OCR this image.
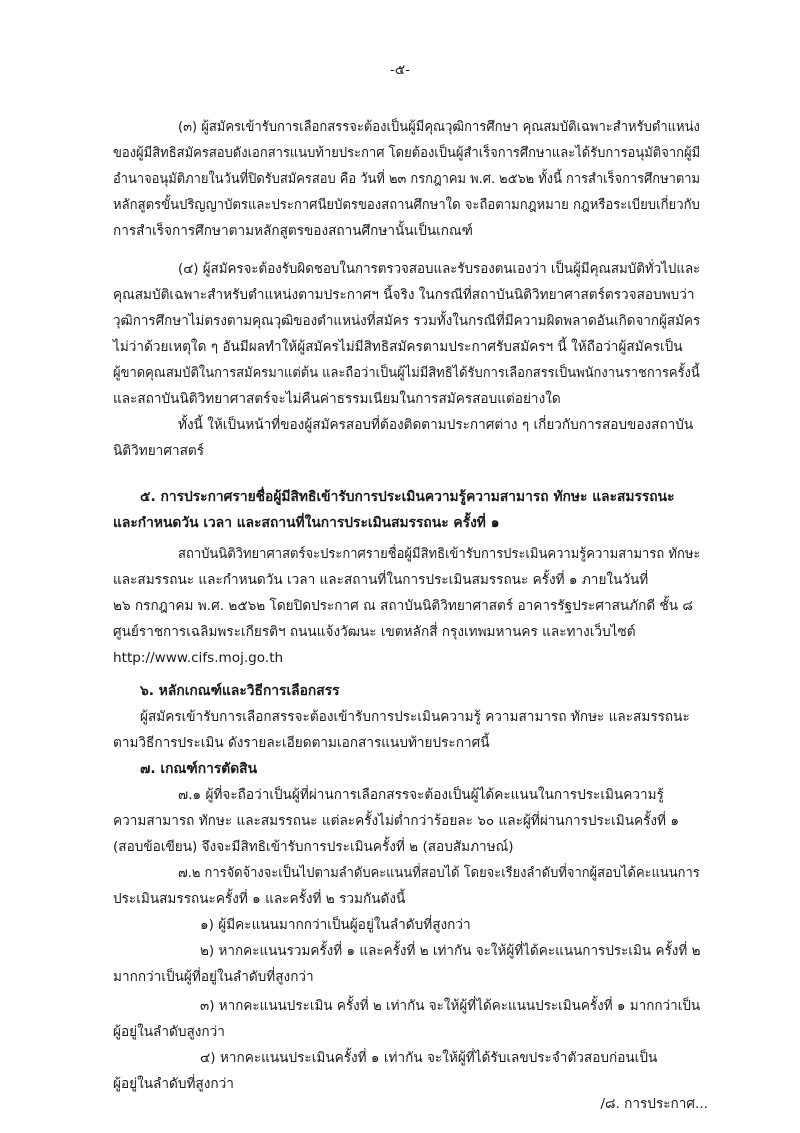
-๕-
(๓) ผู้สมัครเข้ารับการเลือกสรรจะต้องเป็นผู้มีคุณวุฒิการศึกษา คุณสมบัติเฉพาะสำหรับตำแหน่ง
ของผู้มีสิทธิสมัครสอบดังเอกสารแนบท้ายประกาศ โดยต้องเป็นผู้สำเร็จการศึกษาและได้รับการอนุมัติจากผู้มี
อำนาจอนุมัติภายในวันที่ปิดรับสมัครสอบ คือ วันที่ ๒๓ กรกฎาคม พ.ศ. ๒๕๖๒ ทั้งนี้ การสำเร็จการศึกษาตาม
หลักสูตรขั้นปริญญาบัตรและประกาศนียบัตรของสถานศึกษาใด จะถือตามกฎหมาย กฎหรือระเบียบเกี่ยวกับ
การสำเร็จการศึกษาตามหลักสูตรของสถานศึกษานั้นเป็นเกณฑ์
(๔) ผู้สมัครจะต้องรับผิดชอบในการตรวจสอบและรับรองตนเองว่า เป็นผู้มีคุณสมบัติทั่วไปและ
คุณสมบัติเฉพาะสำหรับตำแหน่งตามประกาศฯ นี้จริง ในกรณีที่สถาบันนิติวิทยาศาสตร์ตรวจสอบพบว่า
วุฒิการศึกษาไม่ตรงตามคุณวุฒิของตำแหน่งที่สมัคร รวมทั้งในกรณีที่มีความผิดพลาดอันเกิดจากผู้สมัคร
ไม่ว่าด้วยเหตุใด ๆ อันมีผลทำให้ผู้สมัครไม่มีสิทธิสมัครตามประกาศรับสมัครฯ นี้ ให้ถือว่าผู้สมัครเป็น
ผู้ขาดคุณสมบัติในการสมัครมาแต่ต้น และถือว่าเป็นผู้ไม่มีสิทธิได้รับการเลือกสรรเป็นพนักงานราชการครั้งนี้
และสถาบันนิติวิทยาศาสตร์จะไม่คืนค่าธรรมเนียมในการสมัครสอบแต่อย่างใด
ทั้งนี้ ให้เป็นหน้าที่ของผู้สมัครสอบที่ต้องติดตามประกาศต่าง ๆ เกี่ยวกับการสอบของสถาบัน
นิติวิทยาศาสตร์
๕. การประกาศรายชื่อผู้มีสิทธิเข้ารับการประเมินความรู้ความสามารถ ทักษะ และสมรรถนะ
และกำหนดวัน เวลา และสถานที่ในการประเมินสมรรถนะ ครั้งที่ ๑
สถาบันนิติวิทยาศาสตร์จะประกาศรายชื่อผู้มีสิทธิเข้ารับการประเมินความรู้ความสามารถ ทักษะ
และสมรรถนะ และกำหนดวัน เวลา และสถานที่ในการประเมินสมรรถนะ ครั้งที่ ๑ ภายในวันที่
๒๖ กรกฎาคม พ.ศ. ๒๕๖๒ โดยปิดประกาศ ณ สถาบันนิติวิทยาศาสตร์ อาคารรัฐประศาสนภักดี ชั้น ๘
ศูนย์ราชการเฉลิมพระเกียรติฯ ถนนแจ้งวัฒนะ เขตหลักสี่ กรุงเทพมหานคร และทางเว็บไซต์
http://www.cifs.moj.go.th
๖. หลักเกณฑ์และวิธีการเลือกสรร
ผู้สมัครเข้ารับการเลือกสรรจะต้องเข้ารับการประเมินความรู้ ความสามารถ ทักษะ และสมรรถนะ
ตามวิธีการประเมิน ดังรายละเอียดตามเอกสารแนบท้ายประกาศนี้
๗. เกณฑ์การตัดสิน
๗.๑ ผู้ที่จะถือว่าเป็นผู้ที่ผ่านการเลือกสรรจะต้องเป็นผู้ได้คะแนนในการประเมินความรู้
ความสามารถ ทักษะ และสมรรถนะ แต่ละครั้งไม่ต่ำกว่าร้อยละ ๖๐ และผู้ที่ผ่านการประเมินครั้งที่ ๑
(สอบข้อเขียน) จึงจะมีสิทธิเข้ารับการประเมินครั้งที่ ๒ (สอบสัมภาษณ์)
๗.๒ การจัดจ้างจะเป็นไปตามลำดับคะแนนที่สอบได้ โดยจะเรียงลำดับที่จากผู้สอบได้คะแนนการ
ประเมินสมรรถนะครั้งที่ ๑ และครั้งที่ ๒ รวมกันดังนี้
๑) ผู้มีคะแนนมากกว่าเป็นผู้อยู่ในลำดับที่สูงกว่า
๒) หากคะแนนรวมครั้งที่ ๑ และครั้งที่ ๒ เท่ากัน จะให้ผู้ที่ได้คะแนนการประเมิน ครั้งที่ ๒
มากกว่าเป็นผู้ที่อยู่ในลำดับที่สูงกว่า
๓) หากคะแนนประเมิน ครั้งที่ ๒ เท่ากัน จะให้ผู้ที่ได้คะแนนประเมินครั้งที่ ๑ มากกว่าเป็น
ผู้อยู่ในลำดับสูงกว่า
๔) หากคะแนนประเมินครั้งที่ ๑ เท่ากัน จะให้ผู้ที่ได้รับเลขประจำตัวสอบก่อนเป็น
ผู้อยู่ในลำดับที่สูงกว่า
/๘. การประกาศ...
